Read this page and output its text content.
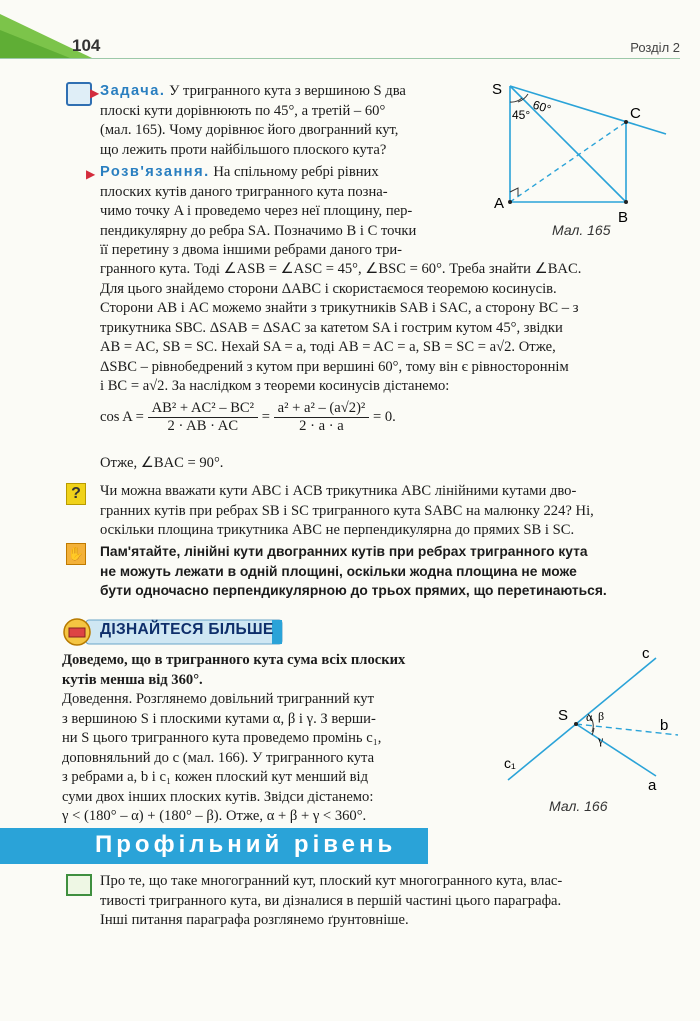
104	Розділ 2
▶ Задача. У тригранного кута з вершиною S два

плоскі кути дорівнюють по 45°, а третій – 60°

(мал. 165). Чому дорівнює його двогранний кут,

що лежить проти найбільшого плоского кута?

▶ Розв'язання. На спільному ребрі рівних

плоских кутів даного тригранного кута позна-

чимо точку A і проведемо через неї площину, пер-

пендикулярну до ребра SA. Позначимо B і C точки

її перетину з двома іншими ребрами даного три-

гранного кута. Тоді ∠ASB = ∠ASC = 45°, ∠BSC = 60°. Треба знайти ∠BAC.

Для цього знайдемо сторони ΔABC і скористаємося теоремою косинусів.

Сторони AB і AC можемо знайти з трикутників SAB і SAC, а сторону BC – з

трикутника SBC. ΔSAB = ΔSAC за катетом SA і гострим кутом 45°, звідки

AB = AC, SB = SC. Нехай SA = a, тоді AB = AC = a, SB = SC = a√2. Отже,

ΔSBC – рівнобедрений з кутом при вершині 60°, тому він є рівностороннім

і BC = a√2. За наслідком з теореми косинусів дістанемо:

$\cos A = \frac{\text{AB² + AC² – BC²}}{2 \cdot AB \cdot AC} = \frac{\text{a² + a² – (a√2)²}}{2 \cdot a \cdot a} = 0$.
Отже, ∠BAC = 90°.
S
A
B
C
45° 60°
Мал. 165
?	Чи можна вважати кути ABC і ACB трикутника ABC лінійними кутами дво-

гранних кутів при ребрах SB і SC тригранного кута SABC на малюнку 224? Ні,

оскільки площина трикутника ABC не перпендикулярна до прямих SB і SC.

✋ Пам'ятайте, лінійні кути двогранних кутів при ребрах тригранного кута
не можуть лежати в одній площині, оскільки жодна площина не може
бути одночасно перпендикулярною до трьох прямих, що перетинаються.
ДІЗНАЙТЕСЯ БІЛЬШЕ

Доведемо, що в тригранного кута сума всіх плоских

кутів менша від 360°.

Доведення. Розглянемо довільний тригранний кут

з вершиною S і плоскими кутами α, β і γ. З верши-

ни S цього тригранного кута проведемо промінь c₁,

доповняльний до c (мал. 166). У тригранного кута

з ребрами a, b і c₁ кожен плоский кут менший від

суми двох інших плоских кутів. Звідси дістанемо:

γ < (180° – α) + (180° – β). Отже, α + β + γ < 360°.

S
c
b
a
c₁
α β
γ
Мал. 166
Профільний рівень

Про те, що таке многогранний кут, плоский кут многогранного кута, влас-

тивості тригранного кута, ви дізналися в першій частині цього параграфа.

Інші питання параграфа розглянемо ґрунтовніше.
